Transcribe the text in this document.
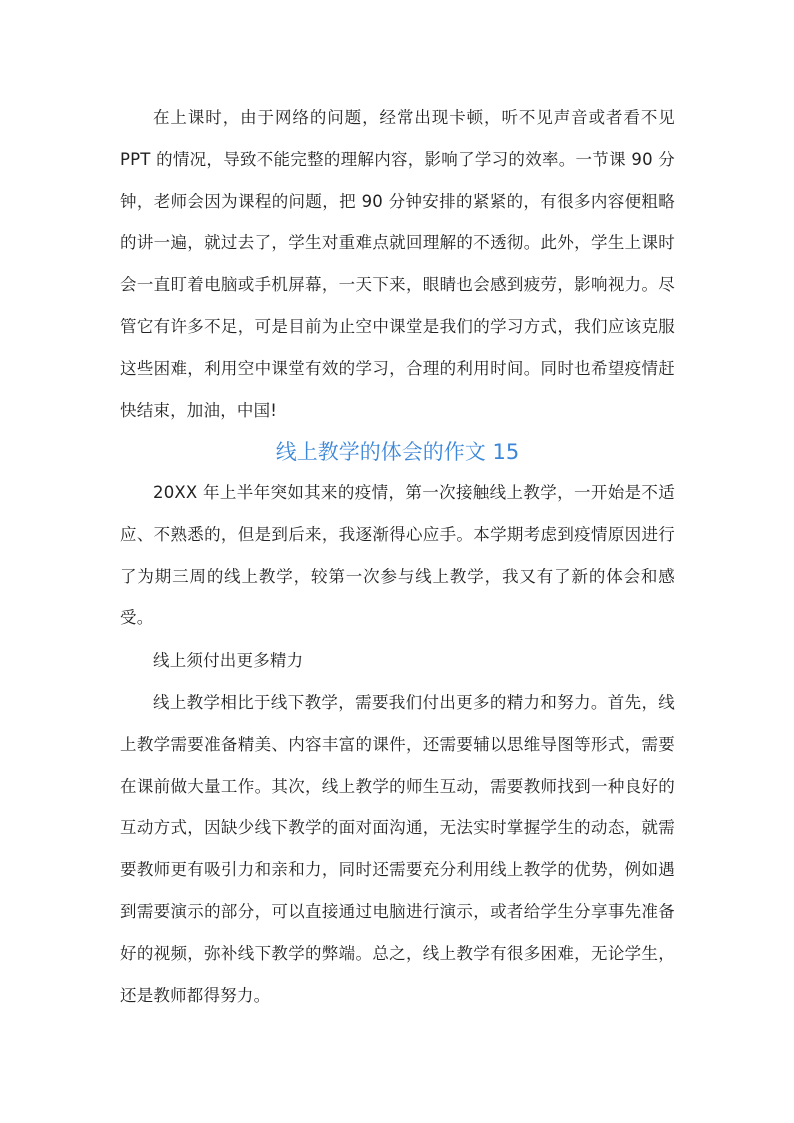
在上课时，由于网络的问题，经常出现卡顿，听不见声音或者看不见 PPT 的情况，导致不能完整的理解内容，影响了学习的效率。一节课 90 分钟，老师会因为课程的问题，把 90 分钟安排的紧紧的，有很多内容便粗略的讲一遍，就过去了，学生对重难点就回理解的不透彻。此外，学生上课时会一直盯着电脑或手机屏幕，一天下来，眼睛也会感到疲劳，影响视力。尽管它有许多不足，可是目前为止空中课堂是我们的学习方式，我们应该克服这些困难，利用空中课堂有效的学习，合理的利用时间。同时也希望疫情赶快结束，加油，中国!

线上教学的体会的作文 15

20XX 年上半年突如其来的疫情，第一次接触线上教学，一开始是不适应、不熟悉的，但是到后来，我逐渐得心应手。本学期考虑到疫情原因进行了为期三周的线上教学，较第一次参与线上教学，我又有了新的体会和感受。

线上须付出更多精力

线上教学相比于线下教学，需要我们付出更多的精力和努力。首先，线上教学需要准备精美、内容丰富的课件，还需要辅以思维导图等形式，需要在课前做大量工作。其次，线上教学的师生互动，需要教师找到一种良好的互动方式，因缺少线下教学的面对面沟通，无法实时掌握学生的动态，就需要教师更有吸引力和亲和力，同时还需要充分利用线上教学的优势，例如遇到需要演示的部分，可以直接通过电脑进行演示，或者给学生分享事先准备好的视频，弥补线下教学的弊端。总之，线上教学有很多困难，无论学生，还是教师都得努力。
